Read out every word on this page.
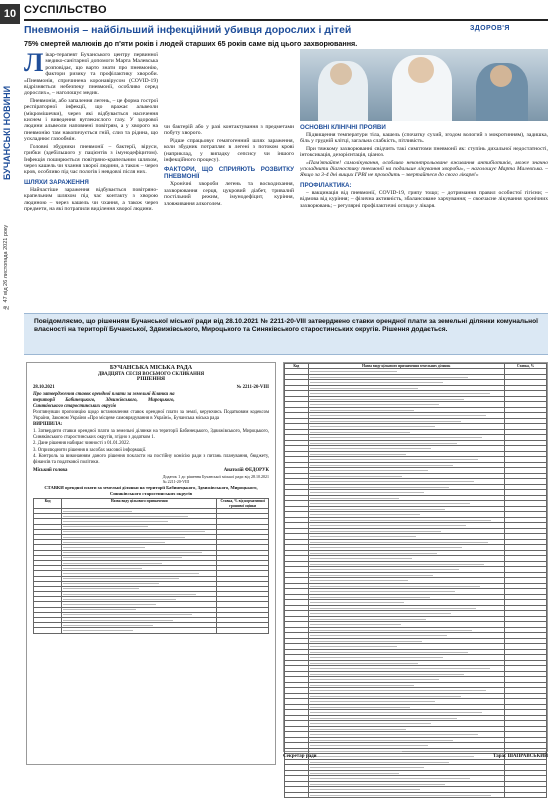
10
БУЧАНСЬКІ НОВИНИ
№ 47 від 26 листопада 2021 року
СУСПІЛЬСТВО
Пневмонія – найбільший інфекційний убивця дорослих і дітей	ЗДОРОВ'Я
75% смертей малюків до п'яти років і людей старших 65 років саме від цього захворювання.
Л ікар-терапевт Бучанського центру первинної медико-санітарної допомоги Марта Малевська розповідає, що варто знати про пневмонію, фактори ризику та профілактику хвороби. «Пневмонія, спричинена коронавірусом (COVID-19) відрізняється небезпеку пневмонії, особливо серед дорослих», – наголошує медик.

Пневмонія, або запалення легень, – це форма гострої респіраторної інфекції, що вражає альвеоли (мікромішечки), через які відбувається насичення киснем і виведення вуглекислого газу. У здорової людини альвеоли наповнені повітрям, а у хворого на пневмонію там накопичується гній, слиз та рідина, що ускладнює газообмін.

Головні збудники пневмонії – бактерії, віруси, грибки (здебільшого у пацієнтів з імунодефіцитом). Інфекція поширюється повітряно-крапельним шляхом, через кашель чи чхання хворої людини, а також – через кров, особливо під час пологів і невдовзі після них.

ШЛЯХИ ЗАРАЖЕННЯ

Найчастіше зараження відбувається повітряно-крапельним шляхом під час контакту з хворою людиною – через кашель чи чхання, а також через предмети, на які потрапили виділення хворої людини.

чи бактерій або у разі контактування з предметами побуту хворого.

Рідше спрацьовує гематогенний шлях зараження, коли збудник потрапляє в легені з потоком крові (наприклад, у випадку сепсису чи іншого інфекційного процесу).

ФАКТОРИ, ЩО СПРИЯЮТЬ РОЗВИТКУ ПНЕВМОНІЇ

Хронічні хвороби легень та воскодихання, захворювання серця, цукровий діабет, тривалий постільний режим, імунодефіцит, куріння, зловживання алкоголем.

ОСНОВНІ КЛІНІЧНІ ПРОЯВИ

Підвищення температури тіла, кашель (спочатку сухий, згодом вологий з мокротинням), задишка, біль у грудній клітці, загальна слабкість, пітливість.

При тяжкому захворюванні свідчить такі симптоми пневмонії як: ступінь дихальної недостатності, інтоксикація, дезорієнтація, ціаноз.

«Пам'ятайте! самолікування, особливо неконтрольоване вживання антибіотиків, може значно ускладнити діагностику пневмонії на подальше лікування хвороби», – наголошує Марта Малевська. – Якщо за 3-4 дні вищих ГРВІ не проходить – звертайтеся до свого лікаря!»

ПРОФІЛАКТИКА:

– вакцинація від пневмонії, COVID-19, грипу тощо; – дотримання правил особистої гігієни; – відмова від куріння; – фізична активність, збалансоване харчування; – своєчасне лікування хронічних захворювань; – регулярні профілактичні огляди у лікаря.

Повідомляємо, що рішенням Бучанської міської ради від 28.10.2021 № 2211-20-VIII затверджено ставки орендної плати за земельні ділянки комунальної власності на території Бучанської, Здвижівського, Мироцького та Синяківського старостинських округів. Рішення додається.
БУЧАНСЬКА МІСЬКА РАДА
ДВАДЦЯТА СЕСІЯ ВОСЬМОГО СКЛИКАННЯ
РІШЕННЯ
28.10.2021	№ 2211-20-VIII

Про затвердження ставок орендної плати за земельні ділянки на території Бабинецького, Здвижівського, Мироцького, Синяківського старостинських округів

Розглянувши пропозицію щодо встановлення ставок орендної плати за землі, керуючись Податковим кодексом України, Законом України «Про місцеве самоврядування в Україні», Бучанська міська рада

ВИРІШИЛА:

1. Затвердити ставки орендної плати за земельні ділянки на території Бабинецького, Здвижівського, Мироцького, Синяківського старостинських округів, згідно з додатком 1.

2. Дане рішення набирає чинності з 01.01.2022.

3. Оприлюднити рішення в засобах масової інформації.

4. Контроль за виконанням даного рішення покласти на постійну комісію ради з питань планування, бюджету, фінансів та податкової політики.

Міський голова	Анатолій ФЕДОРУК

Додаток 1 до рішення Бучанської міської ради від 28.10.2021 № 2211-20-VIII

СТАВКИ орендної плати за земельні ділянки на території Бабинецького, Здвижівського, Мироцького, Синяківського старостинських округів
Код	Назва виду цільового призначення	Ставка, % від нормативної грошової оцінки

Код	Назва виду цільового призначення земельних ділянок	Ставка, %

Секретар ради	Тарас ШАПРАВСЬКИЙ
